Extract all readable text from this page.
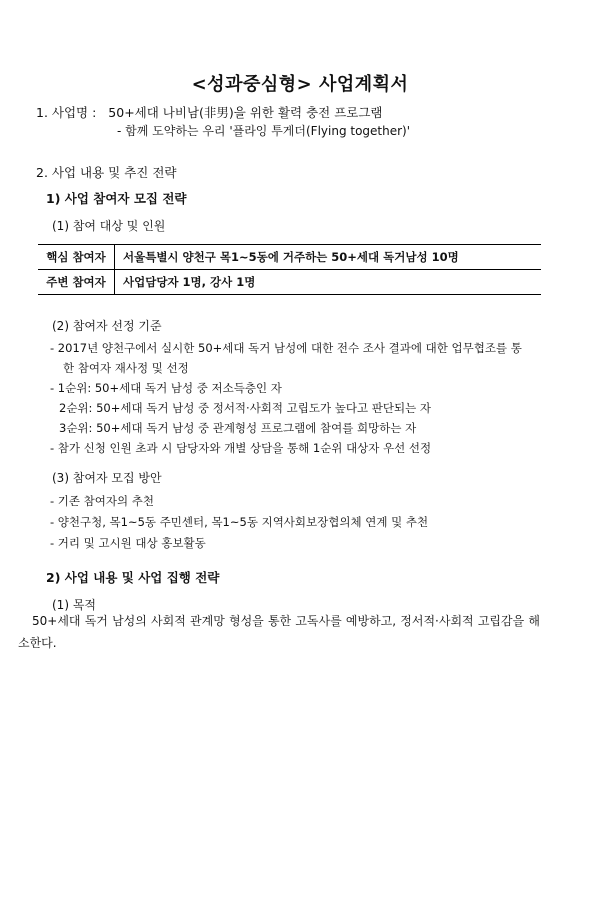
<성과중심형> 사업계획서
1. 사업명 : 50+세대 나비남(非男)을 위한 활력 충전 프로그램
- 함께 도약하는 우리 '플라잉 투게더(Flying together)'
2. 사업 내용 및 추진 전략
1) 사업 참여자 모집 전략
(1) 참여 대상 및 인원
핵심 참여자	서울특별시 양천구 목1~5동에 거주하는 50+세대 독거남성 10명
주변 참여자	사업담당자 1명, 강사 1명
(2) 참여자 선정 기준
- 2017년 양천구에서 실시한 50+세대 독거 남성에 대한 전수 조사 결과에 대한 업무협조를 통
한 참여자 재사정 및 선정
- 1순위: 50+세대 독거 남성 중 저소득층인 자
2순위: 50+세대 독거 남성 중 정서적·사회적 고립도가 높다고 판단되는 자
3순위: 50+세대 독거 남성 중 관계형성 프로그램에 참여를 희망하는 자
- 참가 신청 인원 초과 시 담당자와 개별 상담을 통해 1순위 대상자 우선 선정
(3) 참여자 모집 방안
- 기존 참여자의 추천
- 양천구청, 목1~5동 주민센터, 목1~5동 지역사회보장협의체 연계 및 추천
- 거리 및 고시원 대상 홍보활동
2) 사업 내용 및 사업 집행 전략
(1) 목적
50+세대 독거 남성의 사회적 관계망 형성을 통한 고독사를 예방하고, 정서적·사회적 고립감을 해소한다.
